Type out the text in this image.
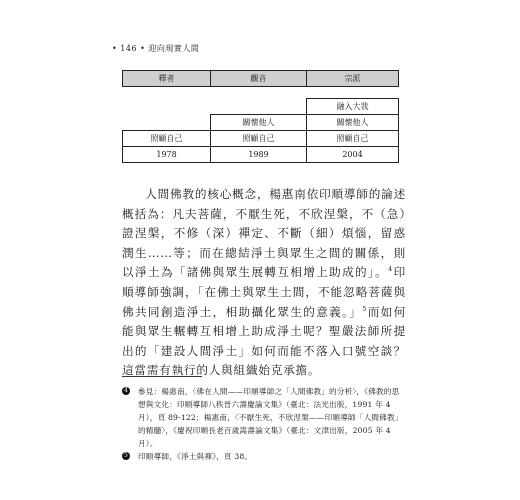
• 146 • 迎向現實人間
釋者	觀音	宗派

		融入大我
	關懷他人	關懷他人
照顧自己	照顧自己	照顧自己
1978	1989	2004

人間佛教的核心概念，楊惠南依印順導師的論述概括為：凡夫菩薩，不厭生死，不欣涅槃，不（急）證涅槃，不修（深）禪定、不斷（細）煩惱，留惑潤生……等；而在總結淨土與眾生之間的關係，則以淨土為「諸佛與眾生展轉互相增上助成的」。$^4$印順導師強調，「在佛土與眾生土間，不能忽略菩薩與佛共同創造淨土，相助攝化眾生的意義。」$^5$而如何能與眾生輾轉互相增上助成淨土呢？聖嚴法師所提出的「建設人間淨土」如何而能不落入口號空談？這當需有執行的人與組織始克承擔。

4 參見：楊惠南，〈佛在人間——印順導師之「人間佛教」的分析〉，《佛教的思想與文化：印順導師八秩晉六壽慶論文集》（臺北：法光出版，1991 年 4 月），頁 89-122；楊惠南，〈不厭生死、不欣涅槃——印順導師「人間佛教」的精髓〉，《慶祝印順長老百歲嵩壽論文集》（臺北：文津出版，2005 年 4 月）。

5 印順導師，《淨土與禪》，頁 38。
